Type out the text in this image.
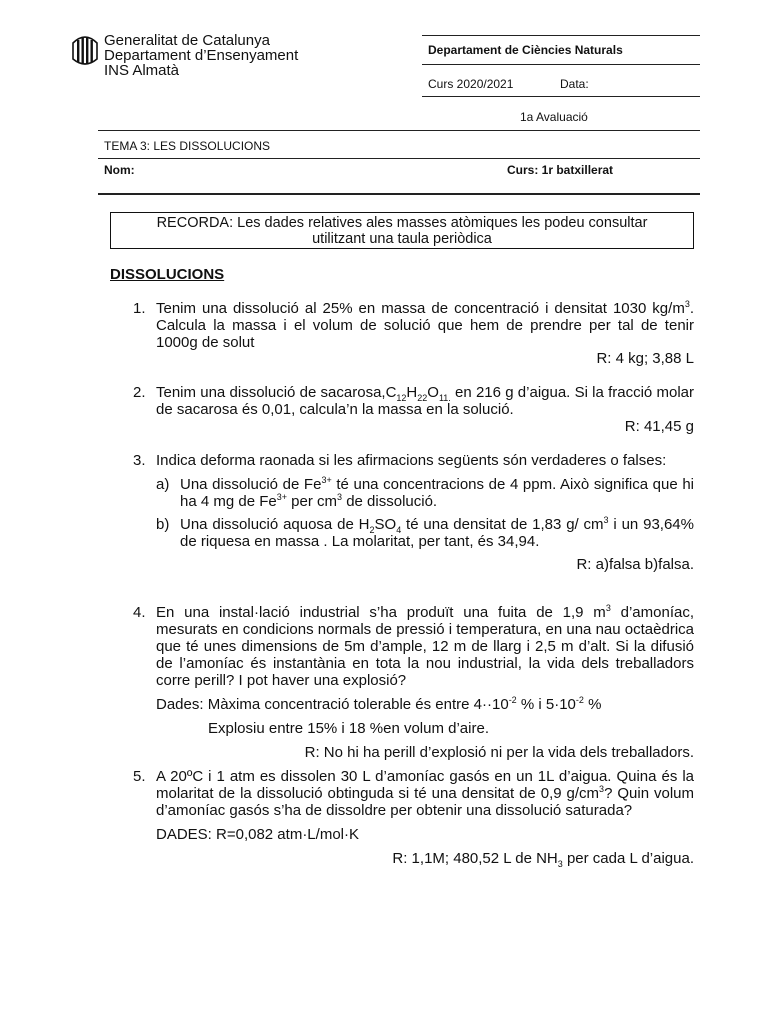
Generalitat de Catalunya
Departament d’Ensenyament
INS Almatà
Departament de Ciències Naturals
Curs 2020/2021	Data:
1a Avaluació
TEMA 3: LES DISSOLUCIONS
Nom:	Curs: 1r batxillerat
RECORDA: Les dades relatives ales masses atòmiques les podeu consultar
utilitzant una taula periòdica
DISSOLUCIONS
1. Tenim una dissolució al 25% en massa de concentració i densitat 1030 $kg/m^3$. Calcula la massa i el volum de solució que hem de prendre per tal de tenir 1000g de solut
R: 4 kg; 3,88 L
2. Tenim una dissolució de $sacarosa,C_{12}H_{22}O_{11.}$ en 216 g d’aigua. Si la fracció molar de sacarosa és 0,01, calcula’n la massa en la solució.
R: 41,45 g
3. Indica deforma raonada si les afirmacions següents són verdaderes o falses:
a) Una dissolució de $Fe^{3+}$ té una concentracions de 4 ppm. Això significa que hi ha 4 mg de $Fe^{3+}$ per $cm^3$ de dissolució.
b) Una dissolució aquosa de $H_2SO_4$ té una densitat de 1,83 g/ $cm^3$ i un 93,64% de riquesa en massa . La molaritat, per tant, és 34,94.
R: a)falsa b)falsa.
4. En una instal·lació industrial s’ha produït una fuita de 1,9 $m^3$ d’amoníac, mesurats en condicions normals de pressió i temperatura, en una nau octaèdrica que té unes dimensions de 5m d’ample, 12 m de llarg i 2,5 m d’alt. Si la difusió de l’amoníac és instantània en tota la nou industrial, la vida dels treballadors corre perill? I pot haver una explosió?
Dades: Màxima concentració tolerable és entre $4\cdot\cdot 10^{-2}$ % i $5\cdot 10^{-2}$ %
Explosiu entre 15% i 18 %en volum d’aire.
R: No hi ha perill d’explosió ni per la vida dels treballadors.
5. A 20ºC i 1 atm es dissolen 30 L d’amoníac gasós en un 1L d’aigua. Quina és la molaritat de la dissolució obtinguda si té una densitat de 0,9 $g/cm^3$? Quin volum d’amoníac gasós s’ha de dissoldre per obtenir una dissolució saturada?
DADES: R=0,082 atm·L/mol·K
R: 1,1M; 480,52 L de $NH_3$ per cada L d’aigua.
